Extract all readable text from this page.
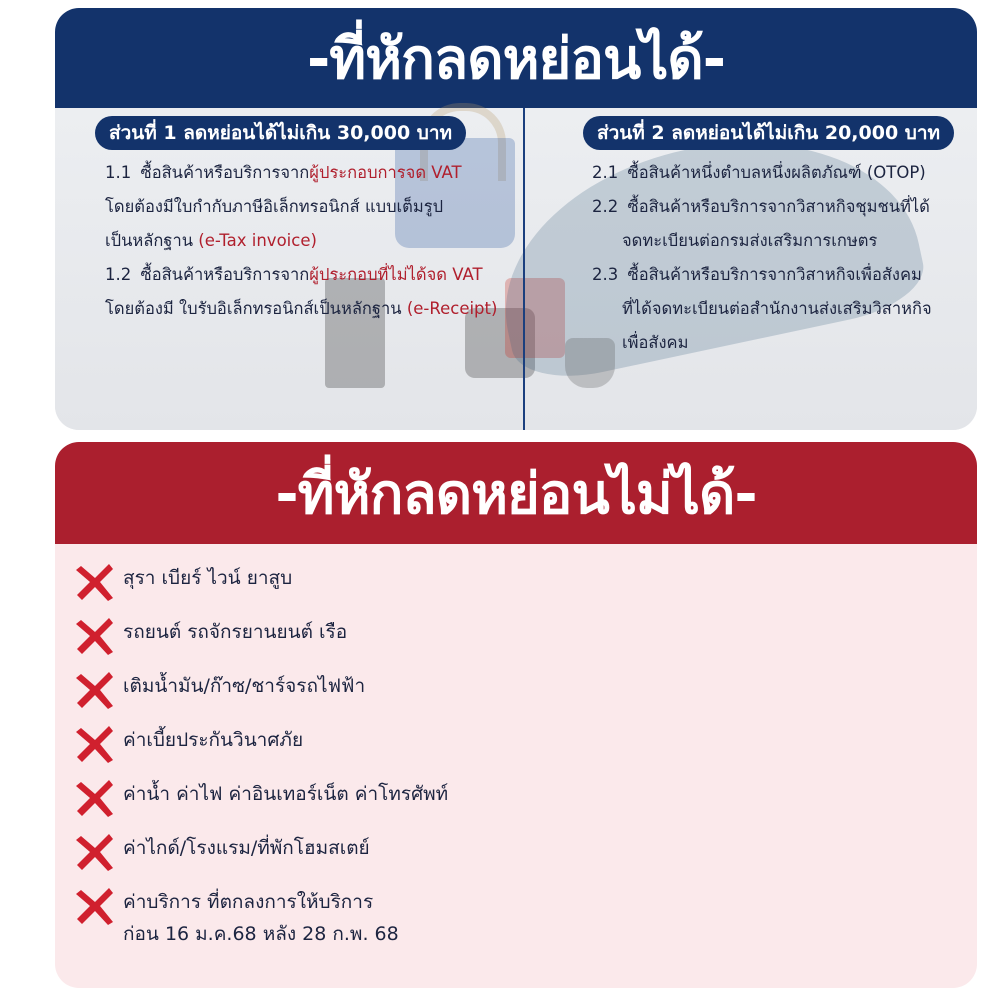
-ที่หักลดหย่อนได้-
ส่วนที่ 1 ลดหย่อนได้ไม่เกิน 30,000 บาท
1.1 ซื้อสินค้าหรือบริการจากผู้ประกอบการจด VAT
โดยต้องมีใบกำกับภาษีอิเล็กทรอนิกส์ แบบเต็มรูป
เป็นหลักฐาน (e-Tax invoice)
1.2 ซื้อสินค้าหรือบริการจากผู้ประกอบที่ไม่ได้จด VAT
โดยต้องมี ใบรับอิเล็กทรอนิกส์เป็นหลักฐาน (e-Receipt)
ส่วนที่ 2 ลดหย่อนได้ไม่เกิน 20,000 บาท
2.1 ซื้อสินค้าหนึ่งตำบลหนึ่งผลิตภัณฑ์ (OTOP)
2.2 ซื้อสินค้าหรือบริการจากวิสาหกิจชุมชนที่ได้
จดทะเบียนต่อกรมส่งเสริมการเกษตร
2.3 ซื้อสินค้าหรือบริการจากวิสาหกิจเพื่อสังคม
ที่ได้จดทะเบียนต่อสำนักงานส่งเสริมวิสาหกิจ
เพื่อสังคม
-ที่หักลดหย่อนไม่ได้-
สุรา เบียร์ ไวน์ ยาสูบ
รถยนต์ รถจักรยานยนต์ เรือ
เติมน้ำมัน/ก๊าซ/ชาร์จรถไฟฟ้า
ค่าเบี้ยประกันวินาศภัย
ค่าน้ำ ค่าไฟ ค่าอินเทอร์เน็ต ค่าโทรศัพท์
ค่าไกด์/โรงแรม/ที่พักโฮมสเตย์
ค่าบริการ ที่ตกลงการให้บริการ
ก่อน 16 ม.ค.68 หลัง 28 ก.พ. 68
